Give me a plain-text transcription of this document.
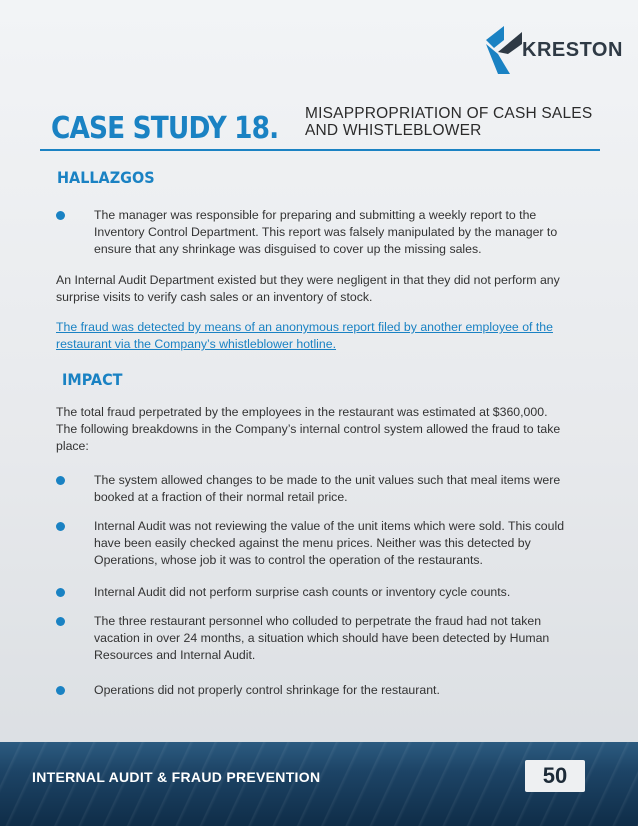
KRESTON
CASE STUDY 18. MISAPPROPRIATION OF CASH SALES
AND WHISTLEBLOWER
HALLAZGOS
The manager was responsible for preparing and submitting a weekly report to the
Inventory Control Department. This report was falsely manipulated by the manager to
ensure that any shrinkage was disguised to cover up the missing sales.
An Internal Audit Department existed but they were negligent in that they did not perform any
surprise visits to verify cash sales or an inventory of stock.
The fraud was detected by means of an anonymous report filed by another employee of the
restaurant via the Company’s whistleblower hotline.
IMPACT
The total fraud perpetrated by the employees in the restaurant was estimated at $360,000.
The following breakdowns in the Company’s internal control system allowed the fraud to take
place:
The system allowed changes to be made to the unit values such that meal items were
booked at a fraction of their normal retail price.
Internal Audit was not reviewing the value of the unit items which were sold. This could
have been easily checked against the menu prices. Neither was this detected by
Operations, whose job it was to control the operation of the restaurants.
Internal Audit did not perform surprise cash counts or inventory cycle counts.
The three restaurant personnel who colluded to perpetrate the fraud had not taken
vacation in over 24 months, a situation which should have been detected by Human
Resources and Internal Audit.
Operations did not properly control shrinkage for the restaurant.
INTERNAL AUDIT & FRAUD PREVENTION	50
